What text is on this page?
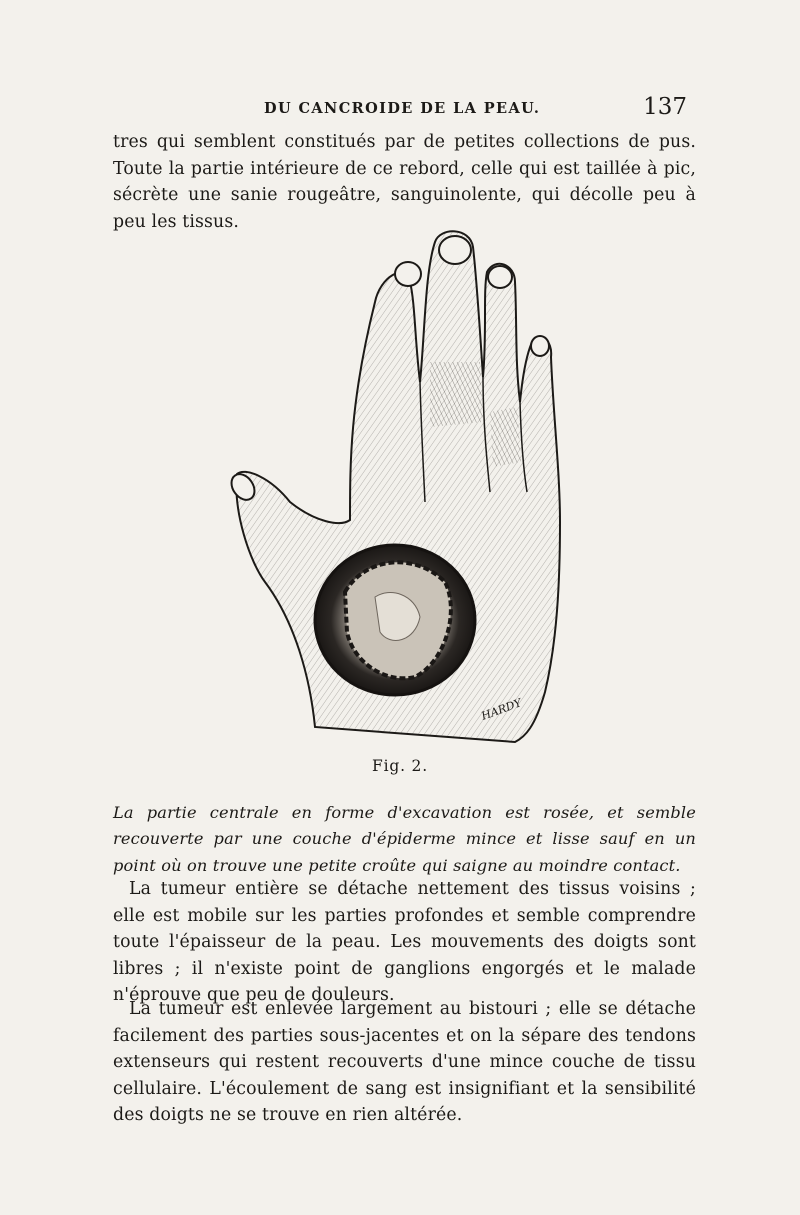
DU CANCROIDE DE LA PEAU.	137

tres qui semblent constitués par de petites collections de pus. Toute la partie intérieure de ce rebord, celle qui est taillée à pic, sécrète une sanie rougeâtre, sanguinolente, qui décolle peu à peu les tissus.

HARDY
Fig. 2.

La partie centrale en forme d'excavation est rosée, et semble recouverte par une couche d'épiderme mince et lisse sauf en un point où on trouve une petite croûte qui saigne au moindre contact.

La tumeur entière se détache nettement des tissus voisins ; elle est mobile sur les parties profondes et semble comprendre toute l'épaisseur de la peau. Les mouvements des doigts sont libres ; il n'existe point de ganglions engorgés et le malade n'éprouve que peu de douleurs.

La tumeur est enlevée largement au bistouri ; elle se détache facilement des parties sous-jacentes et on la sépare des tendons extenseurs qui restent recouverts d'une mince couche de tissu cellulaire. L'écoulement de sang est insignifiant et la sensibilité des doigts ne se trouve en rien altérée.
